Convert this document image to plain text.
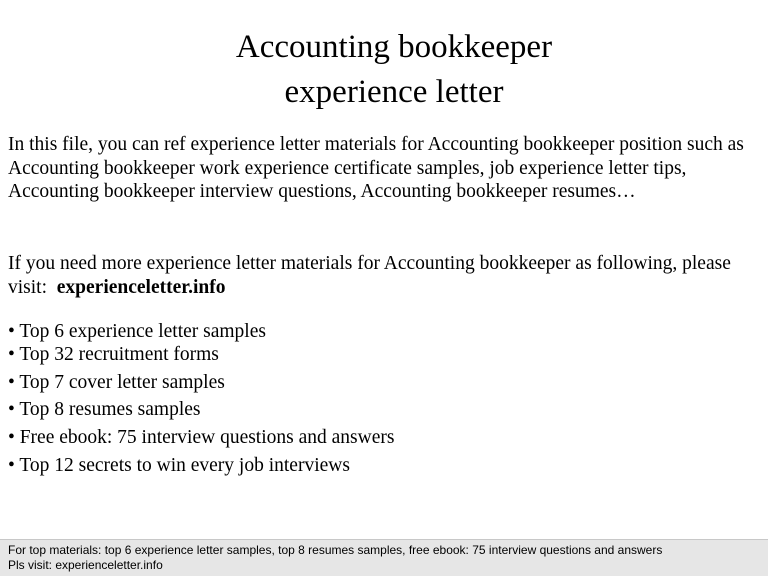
Accounting bookkeeper
experience letter

In this file, you can ref experience letter materials for Accounting bookkeeper position such as Accounting bookkeeper work experience certificate samples, job experience letter tips, Accounting bookkeeper interview questions, Accounting bookkeeper resumes…

If you need more experience letter materials for Accounting bookkeeper as following, please visit: experienceletter.info

• Top 6 experience letter samples
• Top 32 recruitment forms
• Top 7 cover letter samples
• Top 8 resumes samples
• Free ebook: 75 interview questions and answers
• Top 12 secrets to win every job interviews
For top materials: top 6 experience letter samples, top 8 resumes samples, free ebook: 75 interview questions and answers
Pls visit: experienceletter.info
